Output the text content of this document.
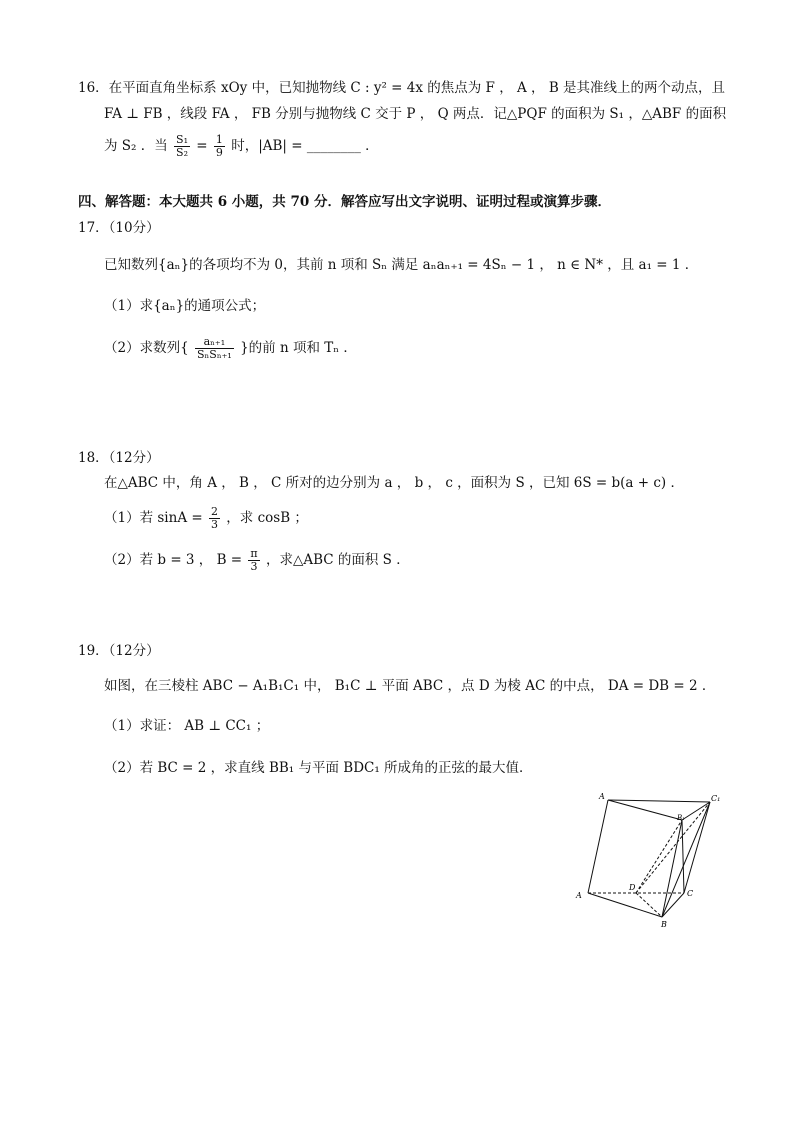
16．在平面直角坐标系 xOy 中，已知抛物线 C : y² = 4x 的焦点为 F ， A ， B 是其准线上的两个动点，且
FA ⊥ FB ，线段 FA ， FB 分别与抛物线 C 交于 P ， Q 两点．记△PQF 的面积为 S₁ ，△ABF 的面积
为 S₂ ．当 $\frac{\text{S₁}}{\text{S₂}} = \frac{1}{9}$ 时，|AB| = ________ ．
四、解答题：本大题共 6 小题，共 70 分．解答应写出文字说明、证明过程或演算步骤．
17．（10分）
已知数列{aₙ}的各项均不为 0，其前 n 项和 Sₙ 满足 aₙaₙ₊₁ = 4Sₙ − 1 ， n ∈ N* ，且 a₁ = 1 ．
（1）求{aₙ}的通项公式；
（2）求数列{ $\frac{\text{aₙ₊₁}}{\text{SₙSₙ₊₁}}$ }的前 n 项和 Tₙ ．
18．（12分）
在△ABC 中，角 A ， B ， C 所对的边分别为 a ， b ， c ，面积为 S ，已知 6S = b(a + c) ．
（1）若 $\sin A = \frac{2}{3}$ ，求 cosB ；
（2）若 b = 3 ， $B = \frac{\pi}{3}$ ，求△ABC 的面积 S ．
19．（12分）
如图，在三棱柱 ABC − A₁B₁C₁ 中， B₁C ⊥ 平面 ABC ，点 D 为棱 AC 的中点， DA = DB = 2 ．
（1）求证： AB ⊥ CC₁ ；
（2）若 BC = 2 ，求直线 BB₁ 与平面 BDC₁ 所成角的正弦的最大值．
A	C₁
B₁
A
D
C
B
